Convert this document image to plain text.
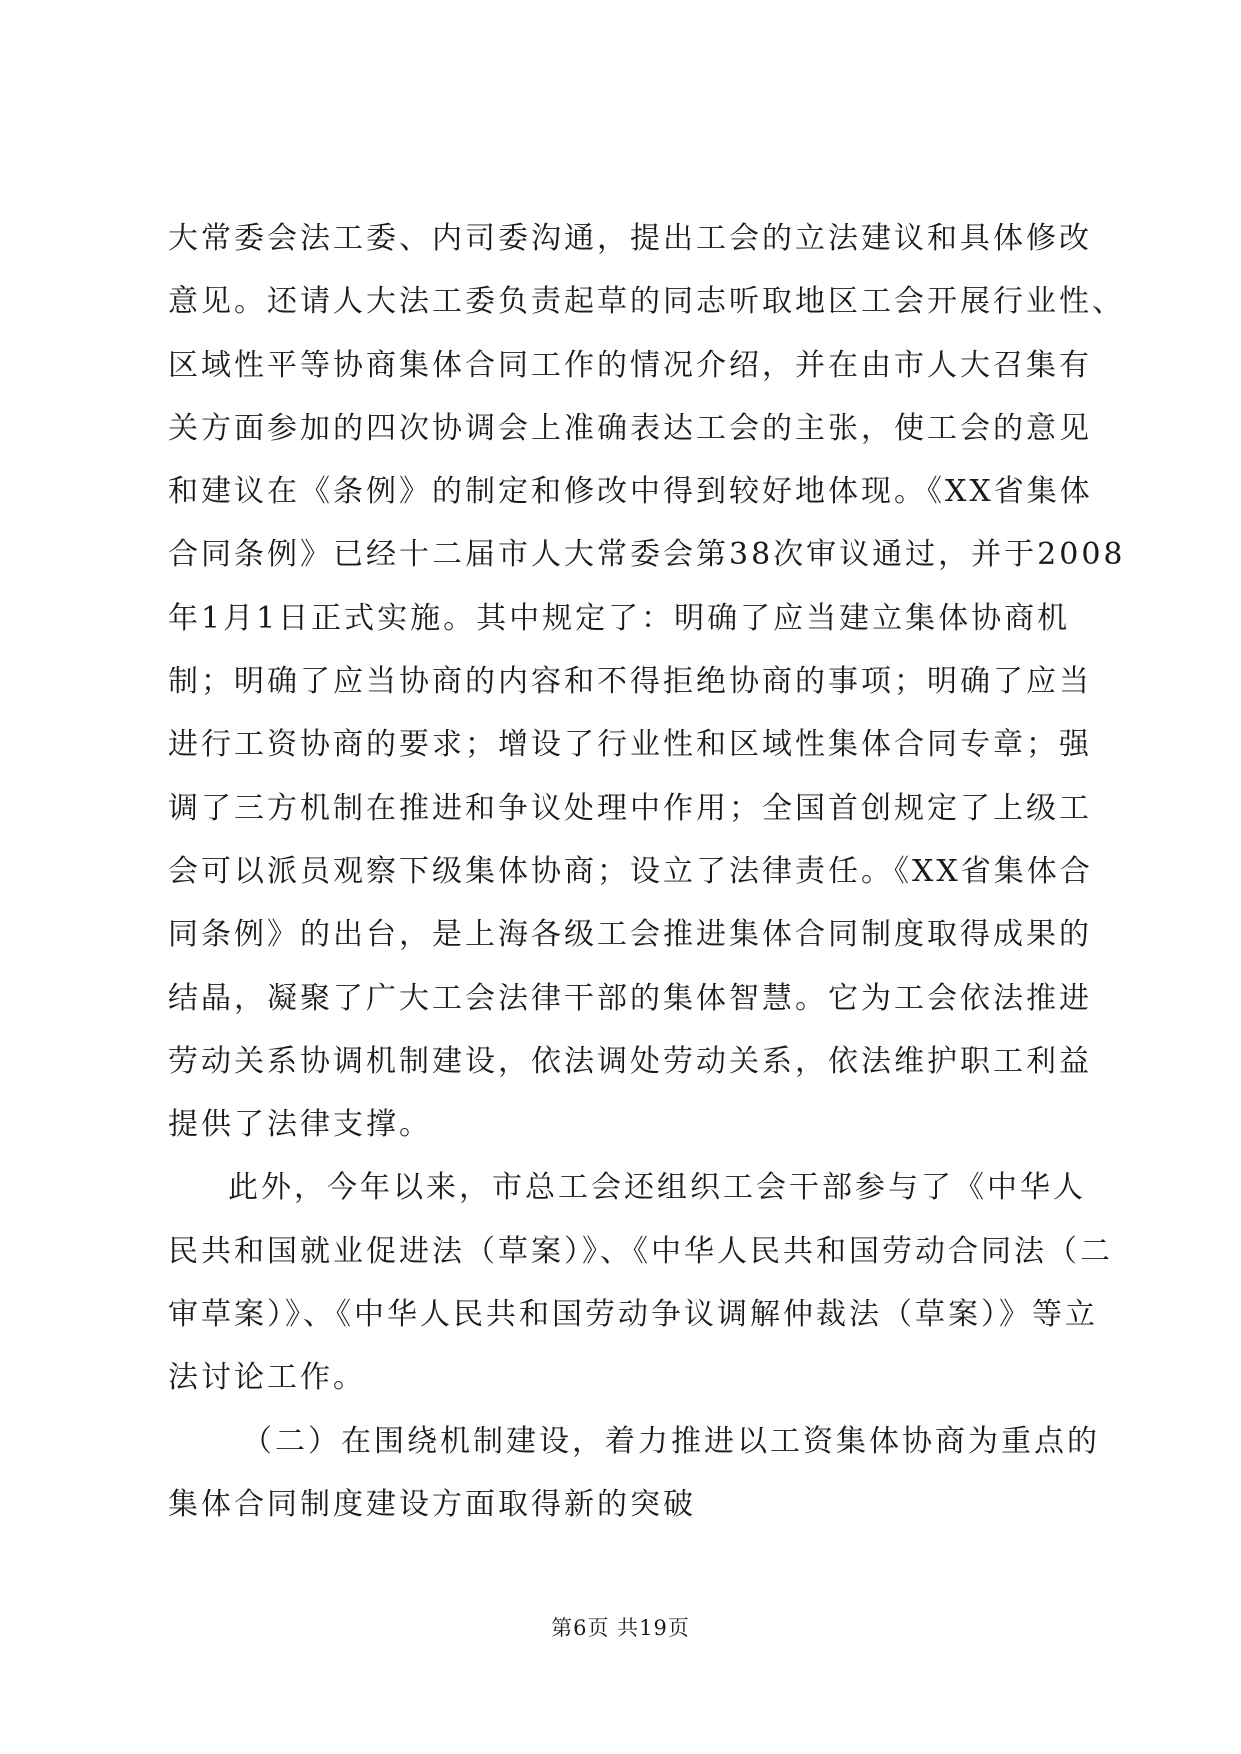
大常委会法工委、内司委沟通，提出工会的立法建议和具体修改
意见。还请人大法工委负责起草的同志听取地区工会开展行业性、
区域性平等协商集体合同工作的情况介绍，并在由市人大召集有
关方面参加的四次协调会上准确表达工会的主张，使工会的意见
和建议在《条例》的制定和修改中得到较好地体现。《XX省集体
合同条例》已经十二届市人大常委会第38次审议通过，并于2008
年1月1日正式实施。其中规定了：明确了应当建立集体协商机
制；明确了应当协商的内容和不得拒绝协商的事项；明确了应当
进行工资协商的要求；增设了行业性和区域性集体合同专章；强
调了三方机制在推进和争议处理中作用；全国首创规定了上级工
会可以派员观察下级集体协商；设立了法律责任。《XX省集体合
同条例》的出台，是上海各级工会推进集体合同制度取得成果的
结晶，凝聚了广大工会法律干部的集体智慧。它为工会依法推进
劳动关系协调机制建设，依法调处劳动关系，依法维护职工利益
提供了法律支撑。
此外，今年以来，市总工会还组织工会干部参与了《中华人
民共和国就业促进法（草案）》、《中华人民共和国劳动合同法（二
审草案）》、《中华人民共和国劳动争议调解仲裁法（草案）》等立
法讨论工作。
（二）在围绕机制建设，着力推进以工资集体协商为重点的
集体合同制度建设方面取得新的突破
第6页 共19页
